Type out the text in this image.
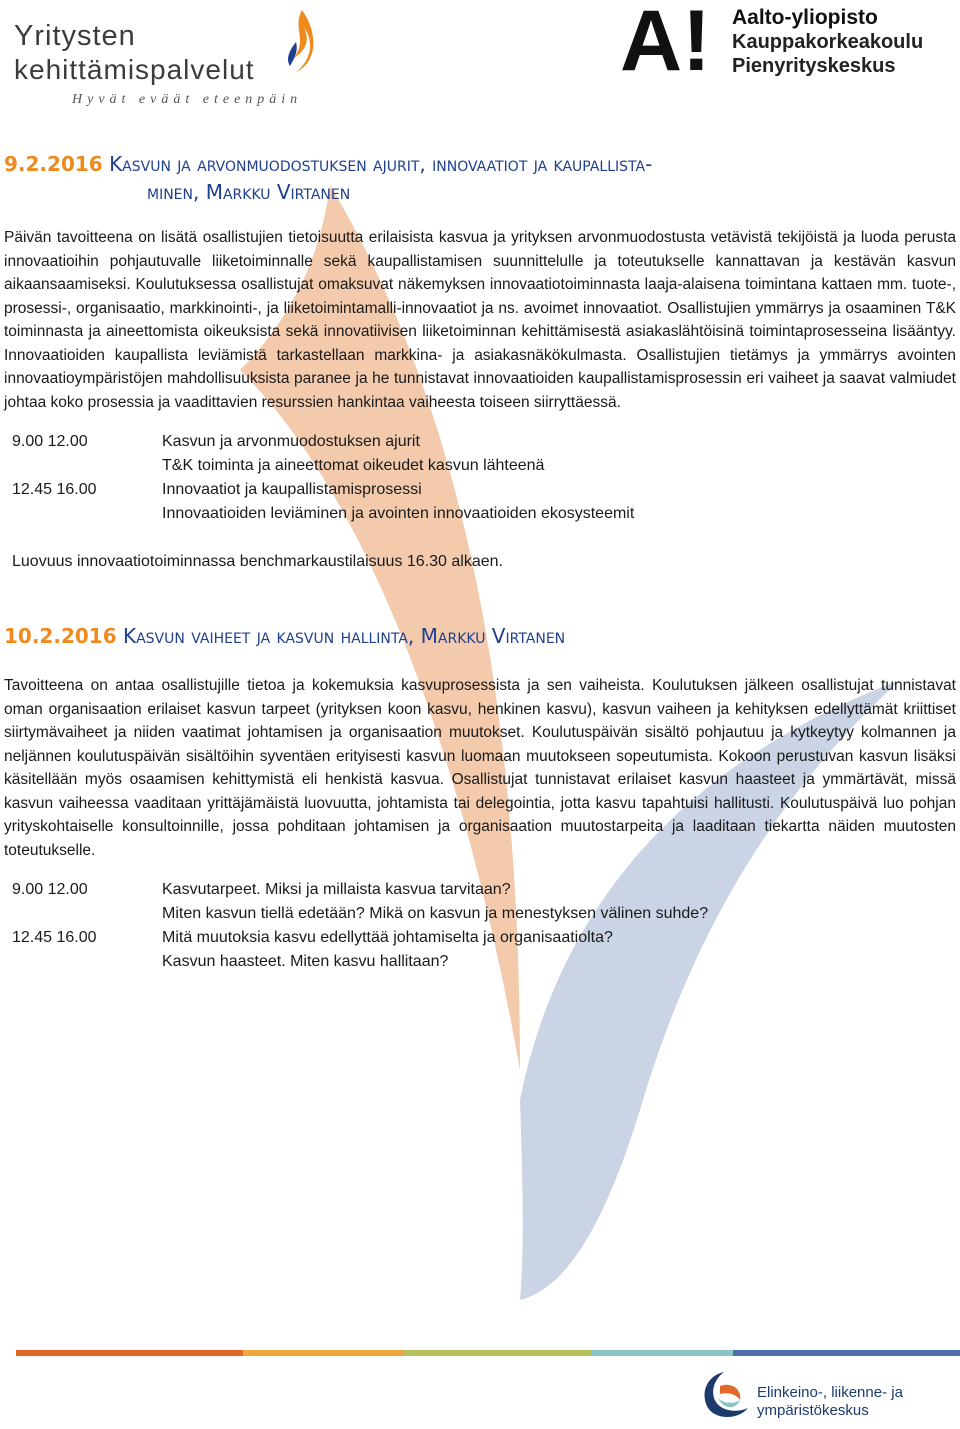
Yritysten
kehittämispalvelut
Hyvät eväät eteenpäin
A! Aalto-yliopisto
Kauppakorkeakoulu
Pienyrityskeskus
9.2.2016 Kasvun ja arvonmuodostuksen ajurit, innovaatiot ja kaupallista-
minen, Markku Virtanen

Päivän tavoitteena on lisätä osallistujien tietoisuutta erilaisista kasvua ja yrityksen arvonmuodostusta vetävistä tekijöistä ja luoda perusta innovaatioihin pohjautuvalle liiketoiminnalle sekä kaupallistamisen suunnittelulle ja toteutukselle kannattavan ja kestävän kasvun aikaansaamiseksi. Koulutuksessa osallistujat omaksuvat näkemyksen innovaatiotoiminnasta laaja-alaisena toimintana kattaen mm. tuote-, prosessi-, organisaatio, markkinointi-, ja liiketoimintamalli-innovaatiot ja ns. avoimet innovaatiot. Osallistujien ymmärrys ja osaaminen T&K toiminnasta ja aineettomista oikeuksista sekä innovatiivisen liiketoiminnan kehittämisestä asiakaslähtöisinä toimintaprosesseina lisääntyy. Innovaatioiden kaupallista leviämistä tarkastellaan markkina- ja asiakasnäkökulmasta. Osallistujien tietämys ja ymmärrys avointen innovaatioympäristöjen mahdollisuuksista paranee ja he tunnistavat innovaatioiden kaupallistamisprosessin eri vaiheet ja saavat valmiudet johtaa koko prosessia ja vaadittavien resurssien hankintaa vaiheesta toiseen siirryttäessä.

9.00 12.00	Kasvun ja arvonmuodostuksen ajurit
T&K toiminta ja aineettomat oikeudet kasvun lähteenä
12.45 16.00	Innovaatiot ja kaupallistamisprosessi
Innovaatioiden leviäminen ja avointen innovaatioiden ekosysteemit

Luovuus innovaatiotoiminnassa benchmarkaustilaisuus 16.30 alkaen.

10.2.2016 Kasvun vaiheet ja kasvun hallinta, Markku Virtanen

Tavoitteena on antaa osallistujille tietoa ja kokemuksia kasvuprosessista ja sen vaiheista. Koulutuksen jälkeen osallistujat tunnistavat oman organisaation erilaiset kasvun tarpeet (yrityksen koon kasvu, henkinen kasvu), kasvun vaiheen ja kehityksen edellyttämät kriittiset siirtymävaiheet ja niiden vaatimat johtamisen ja organisaation muutokset. Koulutuspäivän sisältö pohjautuu ja kytkeytyy kolmannen ja neljännen koulutuspäivän sisältöihin syventäen erityisesti kasvun luomaan muutokseen sopeutumista. Kokoon perustuvan kasvun lisäksi käsitellään myös osaamisen kehittymistä eli henkistä kasvua. Osallistujat tunnistavat erilaiset kasvun haasteet ja ymmärtävät, missä kasvun vaiheessa vaaditaan yrittäjämäistä luovuutta, johtamista tai delegointia, jotta kasvu tapahtuisi hallitusti. Koulutuspäivä luo pohjan yrityskohtaiselle konsultoinnille, jossa pohditaan johtamisen ja organisaation muutostarpeita ja laaditaan tiekartta näiden muutosten toteutukselle.

9.00 12.00	Kasvutarpeet. Miksi ja millaista kasvua tarvitaan?
Miten kasvun tiellä edetään? Mikä on kasvun ja menestyksen välinen suhde?
12.45 16.00	Mitä muutoksia kasvu edellyttää johtamiselta ja organisaatiolta?
Kasvun haasteet. Miten kasvu hallitaan?
Elinkeino-, liikenne- ja
ympäristökeskus
